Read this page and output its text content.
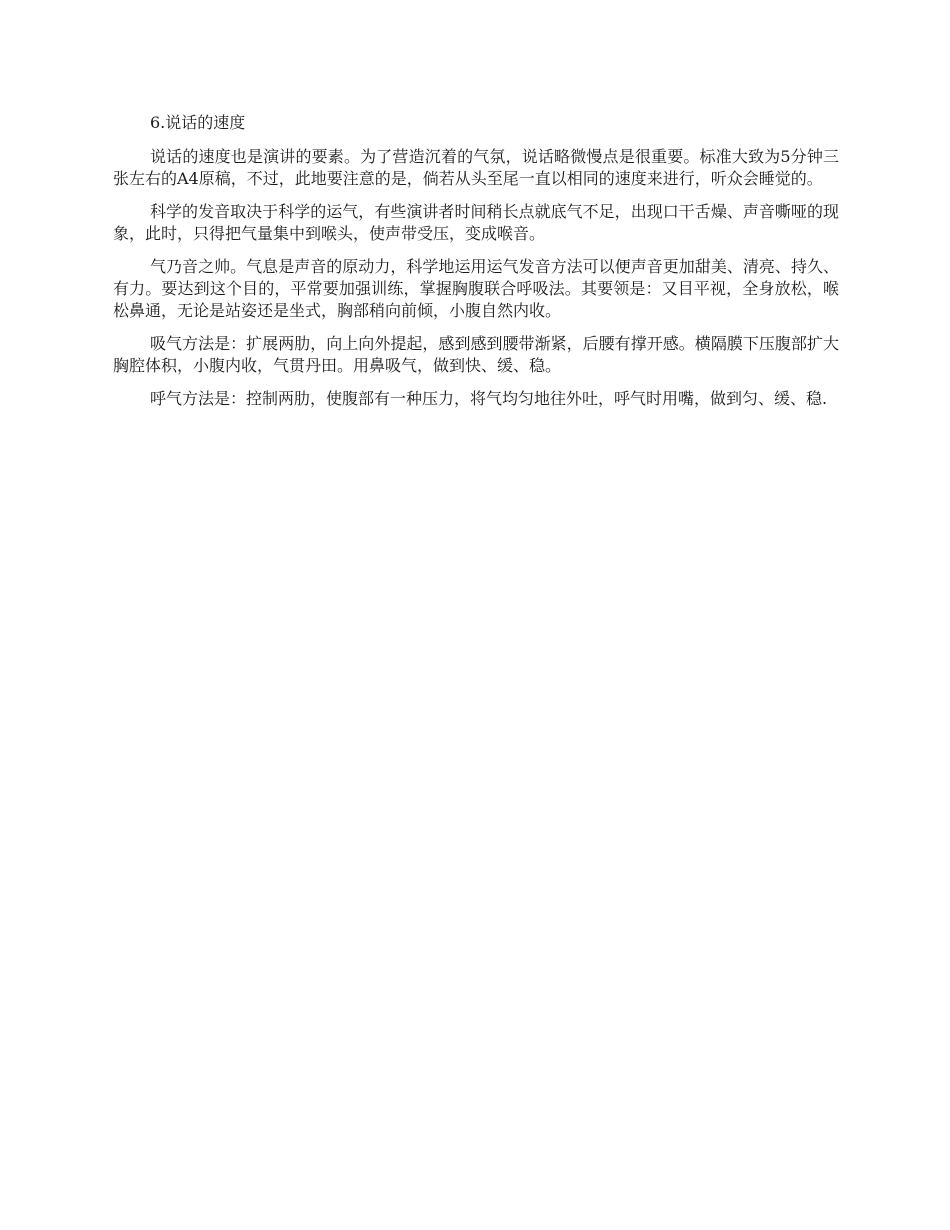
6.说话的速度

说话的速度也是演讲的要素。为了营造沉着的气氛，说话略微慢点是很重要。标准大致为5分钟三张左右的A4原稿，不过，此地要注意的是，倘若从头至尾一直以相同的速度来进行，听众会睡觉的。

科学的发音取决于科学的运气，有些演讲者时间稍长点就底气不足，出现口干舌燥、声音嘶哑的现象，此时，只得把气量集中到喉头，使声带受压，变成喉音。

气乃音之帅。气息是声音的原动力，科学地运用运气发音方法可以便声音更加甜美、清亮、持久、有力。要达到这个目的，平常要加强训练，掌握胸腹联合呼吸法。其要领是：又目平视，全身放松，喉松鼻通，无论是站姿还是坐式，胸部稍向前倾，小腹自然内收。

吸气方法是：扩展两肋，向上向外提起，感到感到腰带渐紧，后腰有撑开感。横隔膜下压腹部扩大胸腔体积，小腹内收，气贯丹田。用鼻吸气，做到快、缓、稳。

呼气方法是：控制两肋，使腹部有一种压力，将气均匀地往外吐，呼气时用嘴，做到匀、缓、稳.
